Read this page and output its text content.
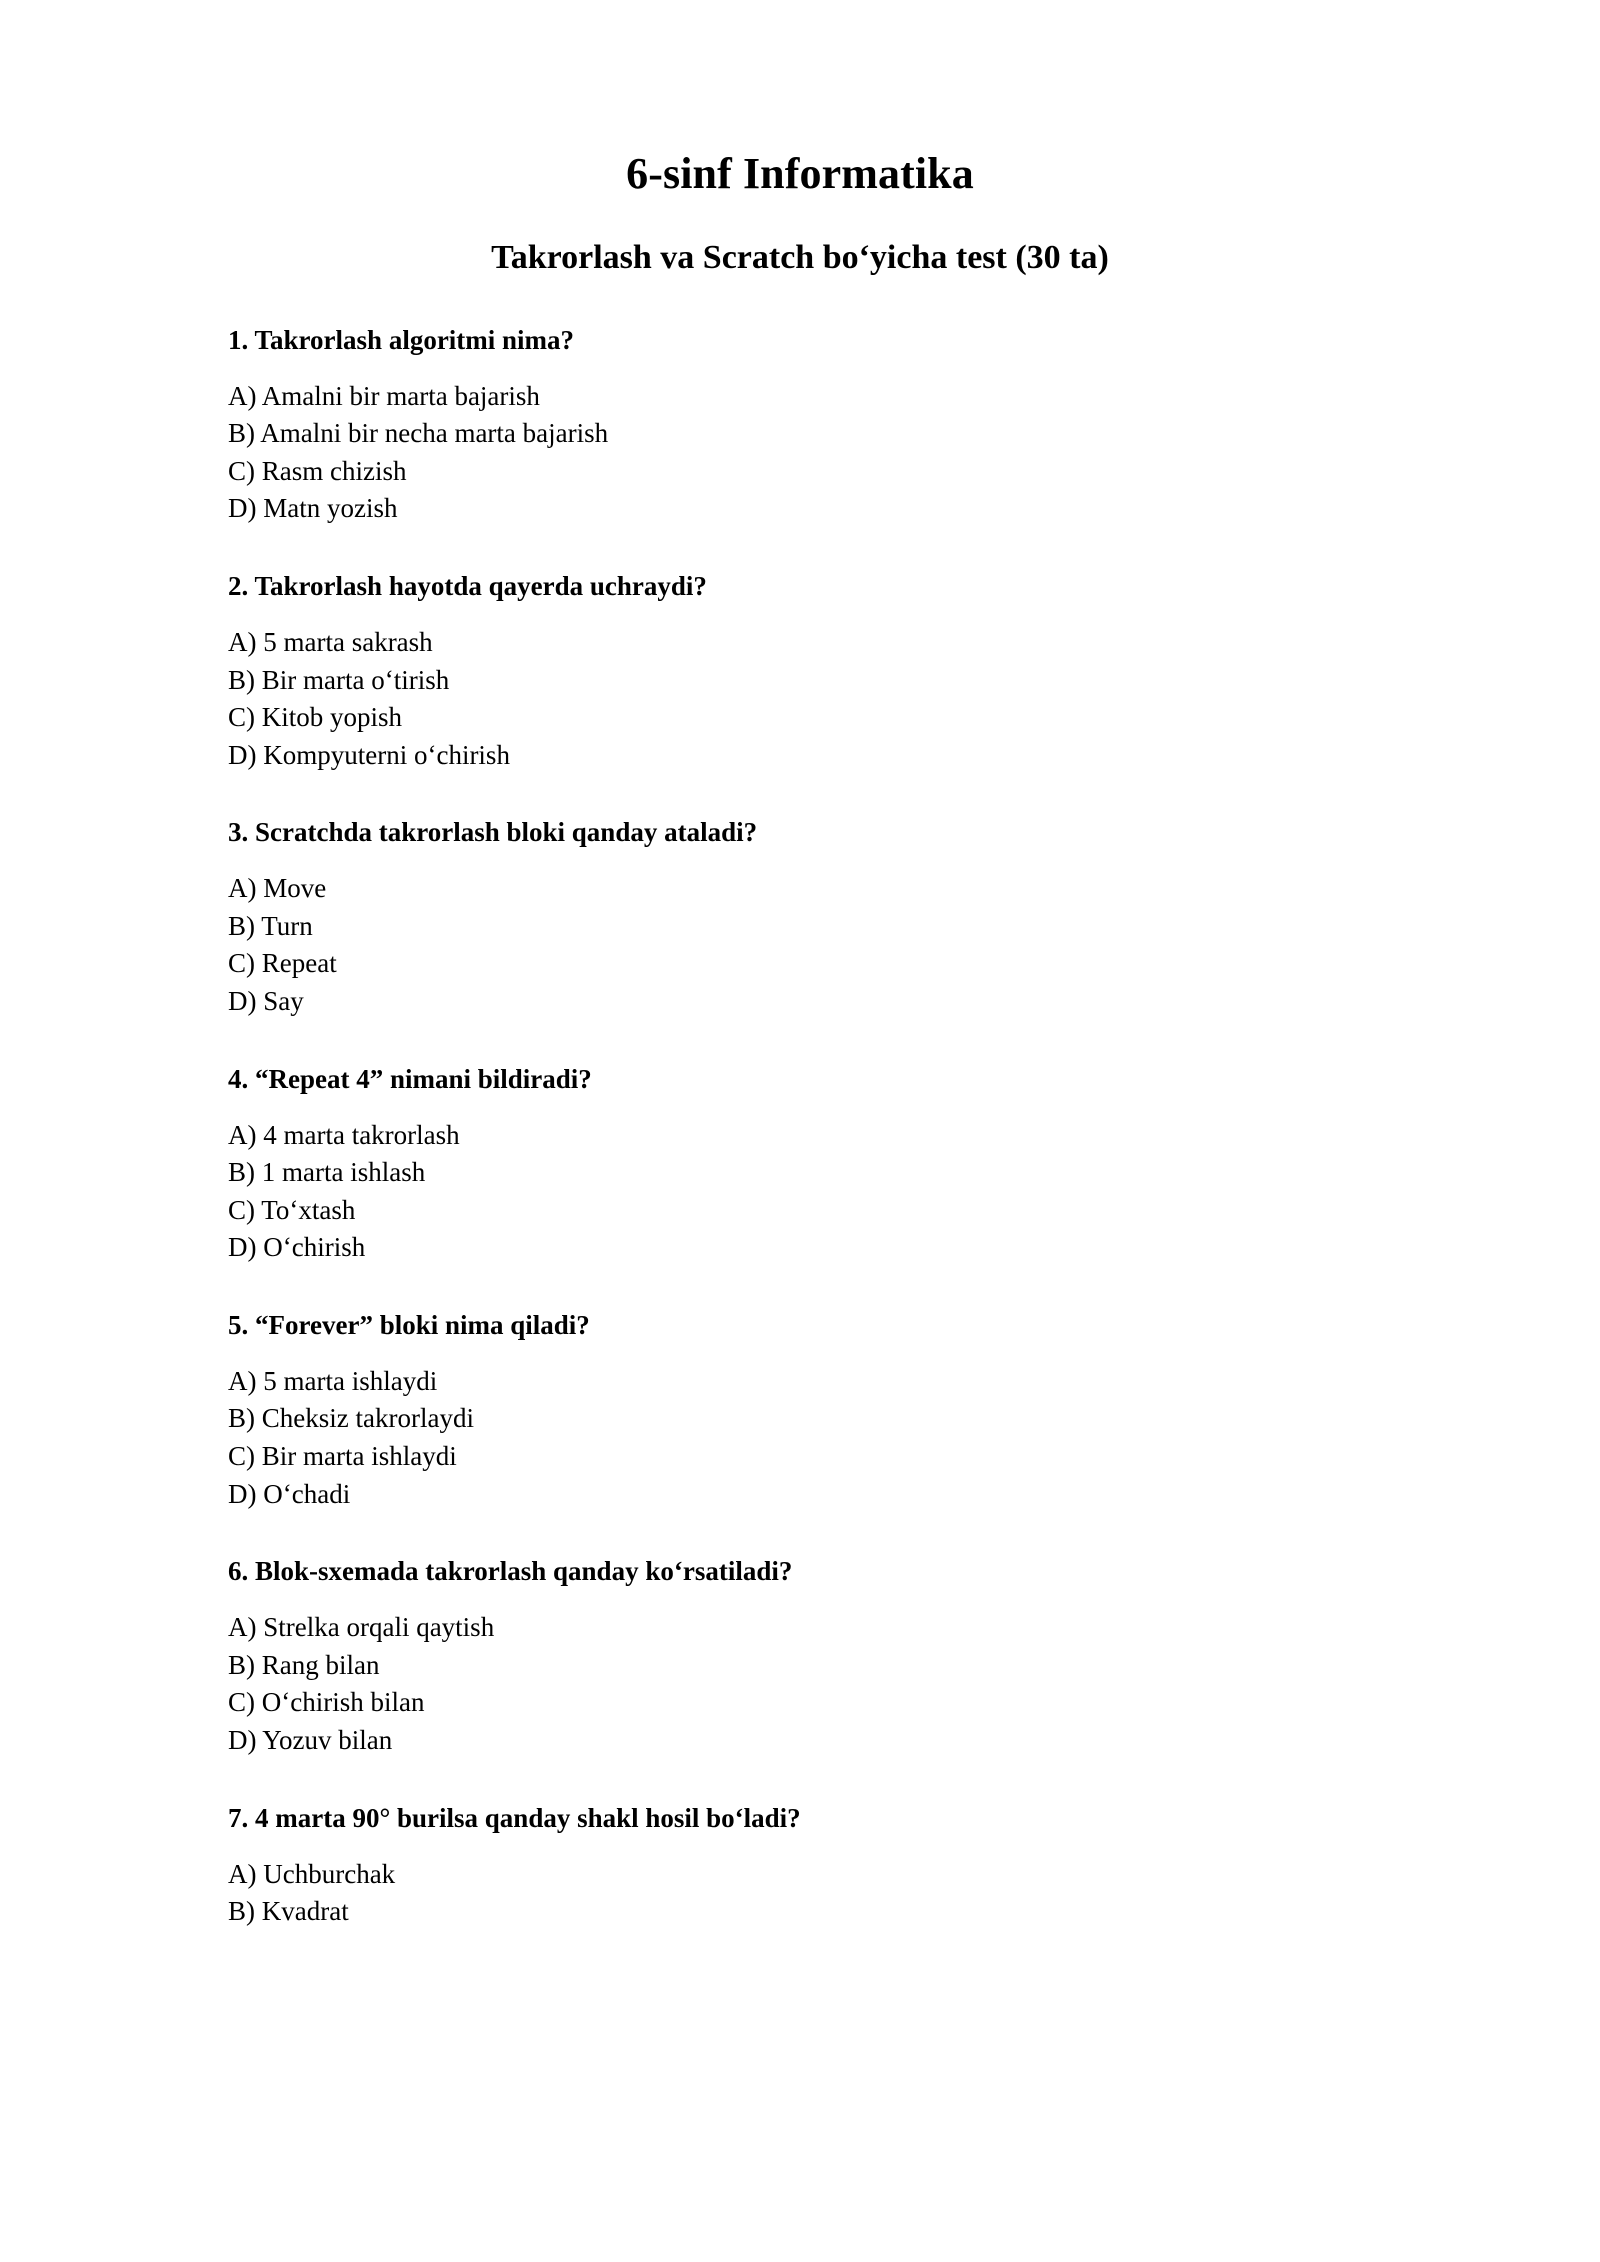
6-sinf Informatika
Takrorlash va Scratch bo‘yicha test (30 ta)

1. Takrorlash algoritmi nima?

A) Amalni bir marta bajarish
B) Amalni bir necha marta bajarish
C) Rasm chizish
D) Matn yozish

2. Takrorlash hayotda qayerda uchraydi?

A) 5 marta sakrash
B) Bir marta o‘tirish
C) Kitob yopish
D) Kompyuterni o‘chirish

3. Scratchda takrorlash bloki qanday ataladi?

A) Move
B) Turn
C) Repeat
D) Say

4. “Repeat 4” nimani bildiradi?

A) 4 marta takrorlash
B) 1 marta ishlash
C) To‘xtash
D) O‘chirish

5. “Forever” bloki nima qiladi?

A) 5 marta ishlaydi
B) Cheksiz takrorlaydi
C) Bir marta ishlaydi
D) O‘chadi

6. Blok-sxemada takrorlash qanday ko‘rsatiladi?

A) Strelka orqali qaytish
B) Rang bilan
C) O‘chirish bilan
D) Yozuv bilan

7. 4 marta 90° burilsa qanday shakl hosil bo‘ladi?

A) Uchburchak
B) Kvadrat
